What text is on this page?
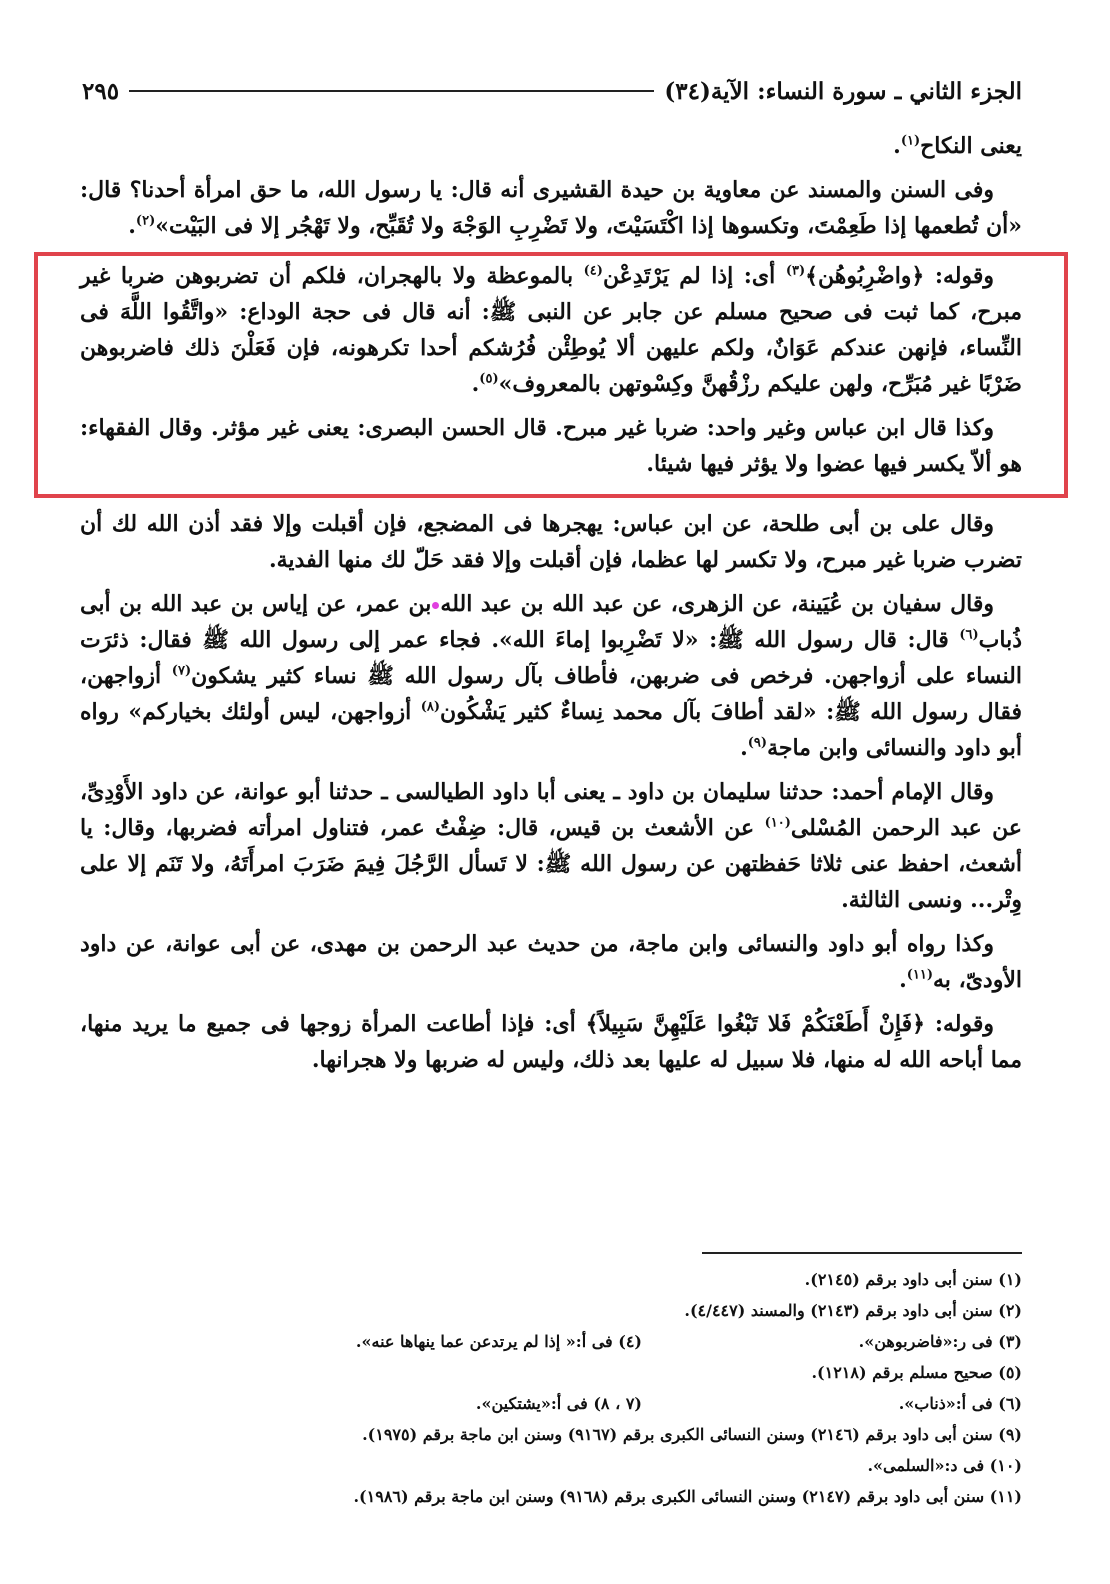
الجزء الثاني ـ سورة النساء: الآية(٣٤)
٢٩٥

يعنى النكاح$^{(١)}$.

وفى السنن والمسند عن معاوية بن حيدة القشيرى أنه قال: يا رسول الله، ما حق امرأة أحدنا؟ قال: «أن تُطعمها إذا طَعِمْتَ، وتكسوها إذا اكْتَسَيْتَ، ولا تَضْرِبِ الوَجْهَ ولا تُقَبِّح، ولا تَهْجُر إلا فى البَيْت»$^{(٢)}$.

وقوله: ﴿واضْرِبُوهُن﴾$^{(٣)}$ أى: إذا لم يَرْتَدِعْن$^{(٤)}$ بالموعظة ولا بالهجران، فلكم أن تضربوهن ضربا غير مبرح، كما ثبت فى صحيح مسلم عن جابر عن النبى ﷺ: أنه قال فى حجة الوداع: «واتَّقُوا اللَّهَ فى النِّساء، فإنهن عندكم عَوَانٌ، ولكم عليهن ألا يُوطِئْن فُرُشكم أحدا تكرهونه، فإن فَعَلْنَ ذلك فاضربوهن ضَرْبًا غير مُبَرِّح، ولهن عليكم رزْقُهنَّ وكِسْوتهن بالمعروف»$^{(٥)}$.

وكذا قال ابن عباس وغير واحد: ضربا غير مبرح. قال الحسن البصرى: يعنى غير مؤثر. وقال الفقهاء: هو ألاّ يكسر فيها عضوا ولا يؤثر فيها شيئا.

وقال على بن أبى طلحة، عن ابن عباس: يهجرها فى المضجع، فإن أقبلت وإلا فقد أذن الله لك أن تضرب ضربا غير مبرح، ولا تكسر لها عظما، فإن أقبلت وإلا فقد حَلّ لك منها الفدية.

وقال سفيان بن عُيَينة، عن الزهرى، عن عبد الله بن عبد اللهبن عمر، عن إياس بن عبد الله بن أبى ذُباب$^{(٦)}$ قال: قال رسول الله ﷺ: «لا تَضْرِبوا إماءَ الله». فجاء عمر إلى رسول الله ﷺ فقال: ذئرَت النساء على أزواجهن. فرخص فى ضربهن، فأطاف بآل رسول الله ﷺ نساء كثير يشكون$^{(٧)}$ أزواجهن، فقال رسول الله ﷺ: «لقد أطافَ بآل محمد نِساءٌ كثير يَشْكُون$^{(٨)}$ أزواجهن، ليس أولئك بخياركم» رواه أبو داود والنسائى وابن ماجة$^{(٩)}$.

وقال الإمام أحمد: حدثنا سليمان بن داود ـ يعنى أبا داود الطيالسى ـ حدثنا أبو عوانة، عن داود الأَوْدِىِّ، عن عبد الرحمن المُسْلى$^{(١٠)}$ عن الأشعث بن قيس، قال: ضِفْتُ عمر، فتناول امرأته فضربها، وقال: يا أشعث، احفظ عنى ثلاثا حَفظتهن عن رسول الله ﷺ: لا تَسأل الرَّجُلَ فِيمَ ضَرَبَ امرأَتَهُ، ولا تَنَم إلا على وِتْر... ونسى الثالثة.

وكذا رواه أبو داود والنسائى وابن ماجة، من حديث عبد الرحمن بن مهدى، عن أبى عوانة، عن داود الأودىّ، به$^{(١١)}$.

وقوله: ﴿فَإِنْ أَطَعْنَكُمْ فَلا تَبْغُوا عَلَيْهِنَّ سَبِيلاً﴾ أى: فإذا أطاعت المرأة زوجها فى جميع ما يريد منها، مما أباحه الله له منها، فلا سبيل له عليها بعد ذلك، وليس له ضربها ولا هجرانها.

(١) سنن أبى داود برقم (٢١٤٥).
(٢) سنن أبى داود برقم (٢١٤٣) والمسند (٤/٤٤٧).
(٣) فى ر:«فاضربوهن».
(٤) فى أ:« إذا لم يرتدعن عما ينهاها عنه».
(٥) صحيح مسلم برقم (١٢١٨).
(٦) فى أ:«ذناب».
(٧ ، ٨) فى أ:«يشتكين».
(٩) سنن أبى داود برقم (٢١٤٦) وسنن النسائى الكبرى برقم (٩١٦٧) وسنن ابن ماجة برقم (١٩٧٥).
(١٠) فى د:«السلمى».
(١١) سنن أبى داود برقم (٢١٤٧) وسنن النسائى الكبرى برقم (٩١٦٨) وسنن ابن ماجة برقم (١٩٨٦).
